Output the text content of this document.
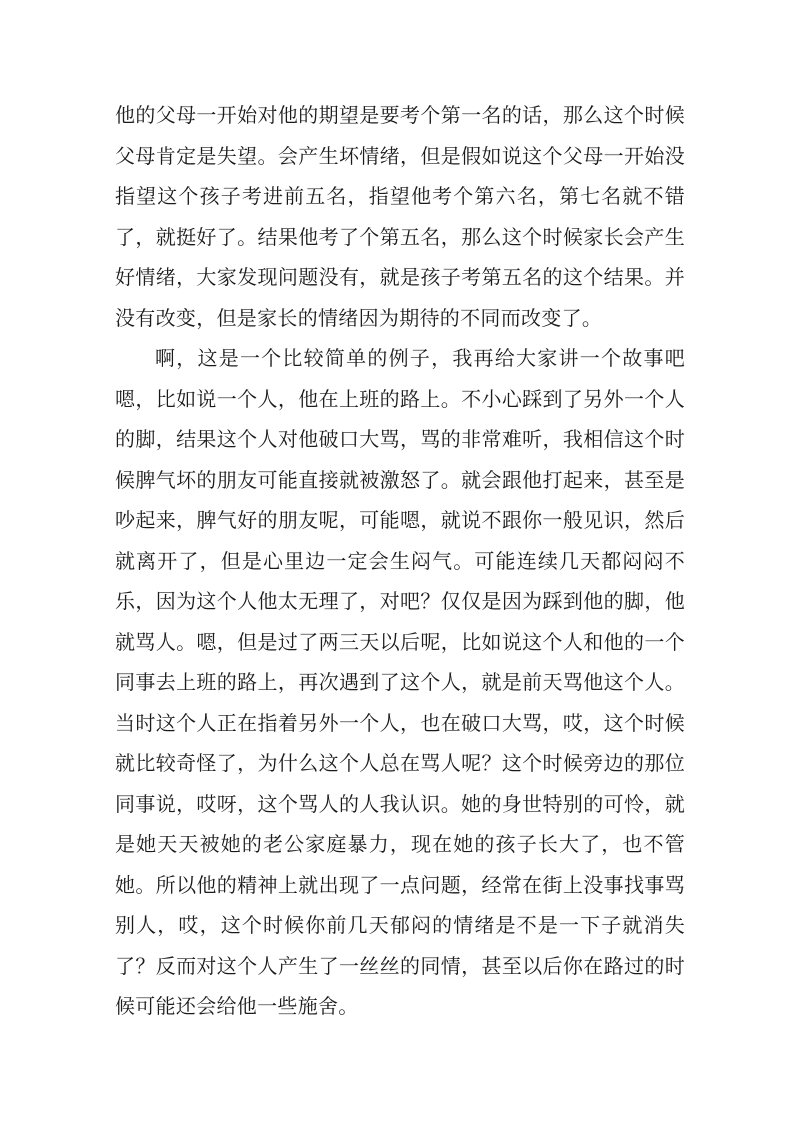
他的父母一开始对他的期望是要考个第一名的话，那么这个时候父母肯定是失望。会产生坏情绪，但是假如说这个父母一开始没指望这个孩子考进前五名，指望他考个第六名，第七名就不错了，就挺好了。结果他考了个第五名，那么这个时候家长会产生好情绪，大家发现问题没有，就是孩子考第五名的这个结果。并没有改变，但是家长的情绪因为期待的不同而改变了。

啊，这是一个比较简单的例子，我再给大家讲一个故事吧嗯，比如说一个人，他在上班的路上。不小心踩到了另外一个人的脚，结果这个人对他破口大骂，骂的非常难听，我相信这个时候脾气坏的朋友可能直接就被激怒了。就会跟他打起来，甚至是吵起来，脾气好的朋友呢，可能嗯，就说不跟你一般见识，然后就离开了，但是心里边一定会生闷气。可能连续几天都闷闷不乐，因为这个人他太无理了，对吧？仅仅是因为踩到他的脚，他就骂人。嗯，但是过了两三天以后呢，比如说这个人和他的一个同事去上班的路上，再次遇到了这个人，就是前天骂他这个人。当时这个人正在指着另外一个人，也在破口大骂，哎，这个时候就比较奇怪了，为什么这个人总在骂人呢？这个时候旁边的那位同事说，哎呀，这个骂人的人我认识。她的身世特别的可怜，就是她天天被她的老公家庭暴力，现在她的孩子长大了，也不管她。所以他的精神上就出现了一点问题，经常在街上没事找事骂别人，哎，这个时候你前几天郁闷的情绪是不是一下子就消失了？反而对这个人产生了一丝丝的同情，甚至以后你在路过的时候可能还会给他一些施舍。
